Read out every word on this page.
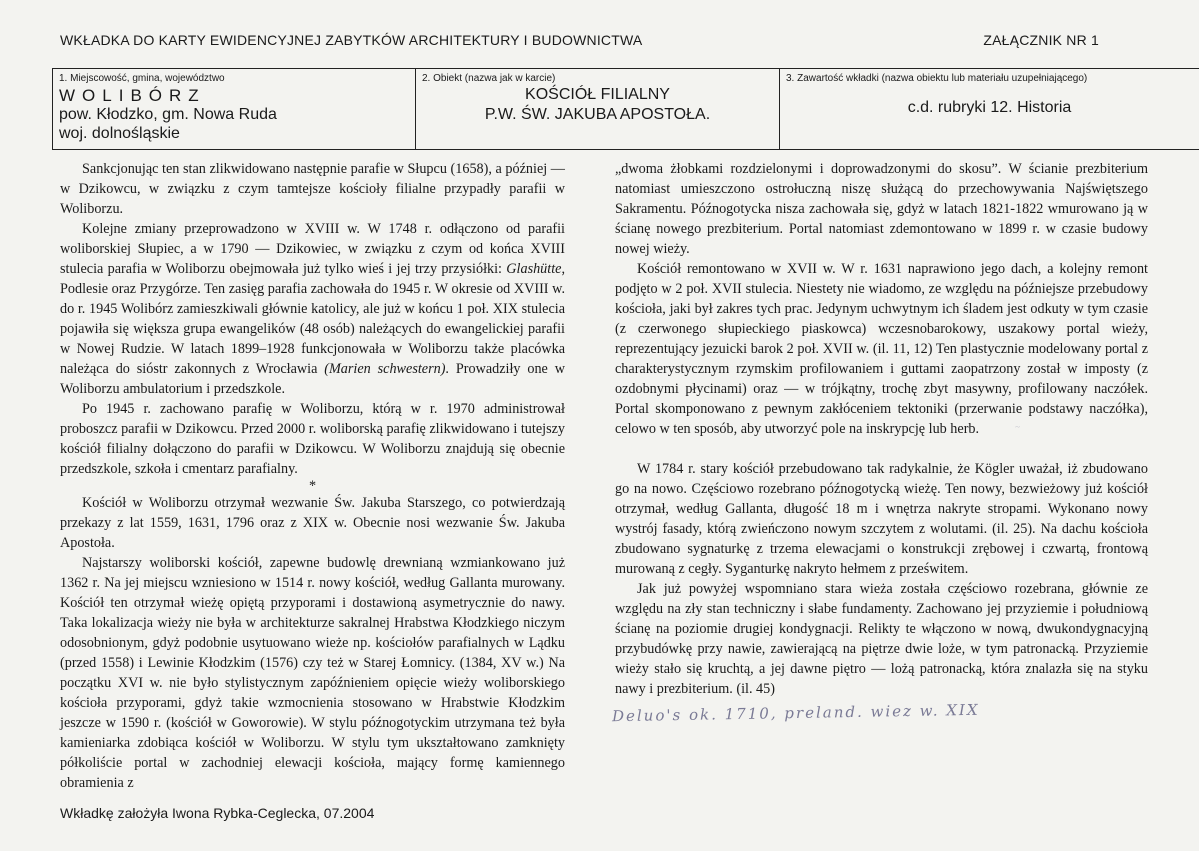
WKŁADKA DO KARTY EWIDENCYJNEJ ZABYTKÓW ARCHITEKTURY I BUDOWNICTWA	ZAŁĄCZNIK NR 1
1. Miejscowość, gmina, województwo
WOLIBÓRZ
pow. Kłodzko, gm. Nowa Ruda
woj. dolnośląskie
2. Obiekt (nazwa jak w karcie)
KOŚCIÓŁ FILIALNY
P.W. ŚW. JAKUBA APOSTOŁA.
3. Zawartość wkładki (nazwa obiektu lub materiału uzupełniającego)
c.d. rubryki 12. Historia

Sankcjonując ten stan zlikwidowano następnie parafie w Słupcu (1658), a później — w Dzikowcu, w związku z czym tamtejsze kościoły filialne przypadły parafii w Woliborzu.

Kolejne zmiany przeprowadzono w XVIII w. W 1748 r. odłączono od parafii woliborskiej Słupiec, a w 1790 — Dzikowiec, w związku z czym od końca XVIII stulecia parafia w Woliborzu obejmowała już tylko wieś i jej trzy przysiółki: Glashütte, Podlesie oraz Przygórze. Ten zasięg parafia zachowała do 1945 r. W okresie od XVIII w. do r. 1945 Wolibórz zamieszkiwali głównie katolicy, ale już w końcu 1 poł. XIX stulecia pojawiła się większa grupa ewangelików (48 osób) należących do ewangelickiej parafii w Nowej Rudzie. W latach 1899–1928 funkcjonowała w Woliborzu także placówka należąca do sióstr zakonnych z Wrocławia (Marien schwestern). Prowadziły one w Woliborzu ambulatorium i przedszkole.

Po 1945 r. zachowano parafię w Woliborzu, którą w r. 1970 administrował proboszcz parafii w Dzikowcu. Przed 2000 r. woliborską parafię zlikwidowano i tutejszy kościół filialny dołączono do parafii w Dzikowcu. W Woliborzu znajdują się obecnie przedszkole, szkoła i cmentarz parafialny.

*

Kościół w Woliborzu otrzymał wezwanie Św. Jakuba Starszego, co potwierdzają przekazy z lat 1559, 1631, 1796 oraz z XIX w. Obecnie nosi wezwanie Św. Jakuba Apostoła.

Najstarszy woliborski kościół, zapewne budowlę drewnianą wzmiankowano już 1362 r. Na jej miejscu wzniesiono w 1514 r. nowy kościół, według Gallanta murowany. Kościół ten otrzymał wieżę opiętą przyporami i dostawioną asymetrycznie do nawy. Taka lokalizacja wieży nie była w architekturze sakralnej Hrabstwa Kłodzkiego niczym odosobnionym, gdyż podobnie usytuowano wieże np. kościołów parafialnych w Lądku (przed 1558) i Lewinie Kłodzkim (1576) czy też w Starej Łomnicy. (1384, XV w.) Na początku XVI w. nie było stylistycznym zapóźnieniem opięcie wieży woliborskiego kościoła przyporami, gdyż takie wzmocnienia stosowano w Hrabstwie Kłodzkim jeszcze w 1590 r. (kościół w Goworowie). W stylu późnogotyckim utrzymana też była kamieniarka zdobiąca kościół w Woliborzu. W stylu tym ukształtowano zamknięty półkoliście portal w zachodniej elewacji kościoła, mający formę kamiennego obramienia z

„dwoma żłobkami rozdzielonymi i doprowadzonymi do skosu”. W ścianie prezbiterium natomiast umieszczono ostrołuczną niszę służącą do przechowywania Najświętszego Sakramentu. Późnogotycka nisza zachowała się, gdyż w latach 1821-1822 wmurowano ją w ścianę nowego prezbiterium. Portal natomiast zdemontowano w 1899 r. w czasie budowy nowej wieży.

Kościół remontowano w XVII w. W r. 1631 naprawiono jego dach, a kolejny remont podjęto w 2 poł. XVII stulecia. Niestety nie wiadomo, ze względu na późniejsze przebudowy kościoła, jaki był zakres tych prac. Jedynym uchwytnym ich śladem jest odkuty w tym czasie (z czerwonego słupieckiego piaskowca) wczesnobarokowy, uszakowy portal wieży, reprezentujący jezuicki barok 2 poł. XVII w. (il. 11, 12) Ten plastycznie modelowany portal z charakterystycznym rzymskim profilowaniem i guttami zaopatrzony został w imposty (z ozdobnymi płycinami) oraz — w trójkątny, trochę zbyt masywny, profilowany naczółek. Portal skomponowano z pewnym zakłóceniem tektoniki (przerwanie podstawy naczółka), celowo w ten sposób, aby utworzyć pole na inskrypcję lub herb.

W 1784 r. stary kościół przebudowano tak radykalnie, że Kögler uważał, iż zbudowano go na nowo. Częściowo rozebrano późnogotycką wieżę. Ten nowy, bezwieżowy już kościół otrzymał, według Gallanta, długość 18 m i wnętrza nakryte stropami. Wykonano nowy wystrój fasady, którą zwieńczono nowym szczytem z wolutami. (il. 25). Na dachu kościoła zbudowano sygnaturkę z trzema elewacjami o konstrukcji zrębowej i czwartą, frontową murowaną z cegły. Syganturkę nakryto hełmem z prześwitem.

Jak już powyżej wspomniano stara wieża została częściowo rozebrana, głównie ze względu na zły stan techniczny i słabe fundamenty. Zachowano jej przyziemie i południową ścianę na poziomie drugiej kondygnacji. Relikty te włączono w nową, dwukondygnacyjną przybudówkę przy nawie, zawierającą na piętrze dwie loże, w tym patronacką. Przyziemie wieży stało się kruchtą, a jej dawne piętro — lożą patronacką, która znalazła się na styku nawy i prezbiterium. (il. 45)

~
Deluo's ok. 1710, preland. wiez w. XIX
Wkładkę założyła Iwona Rybka-Ceglecka, 07.2004
